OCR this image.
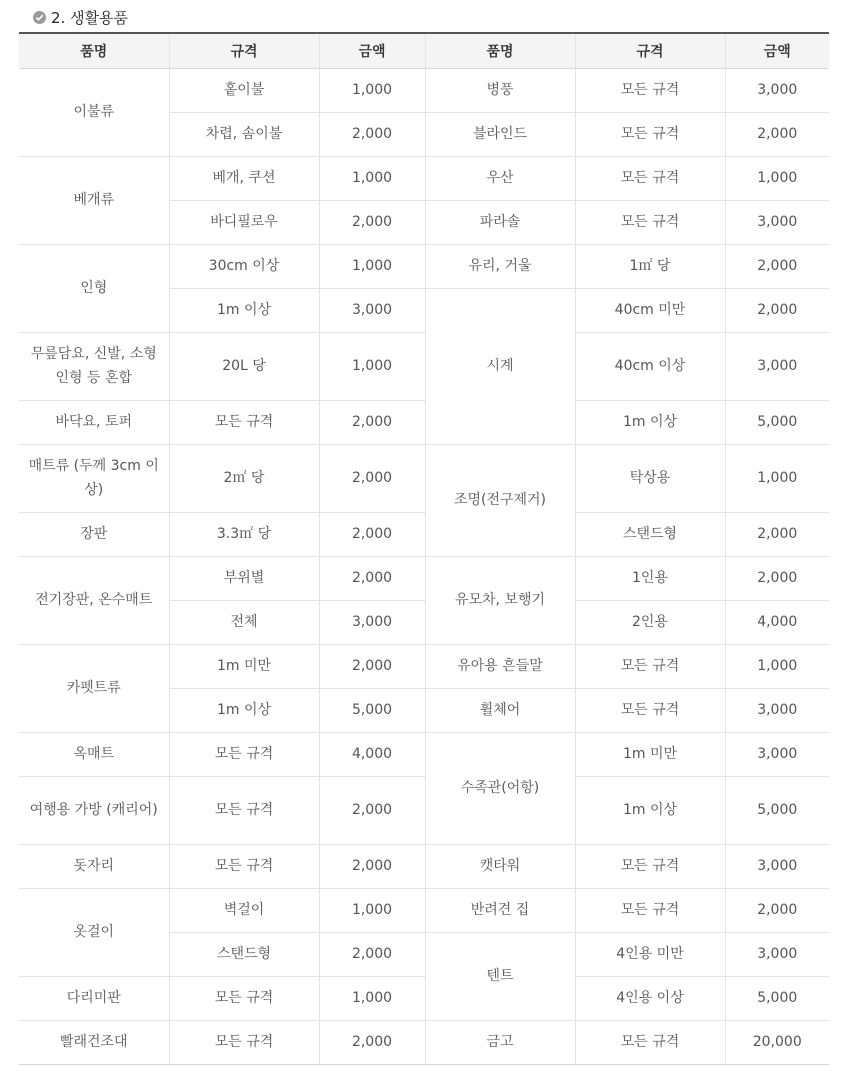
2. 생활용품
품명	규격	금액	품명	규격	금액
이불류	홑이불	1,000	병풍	모든 규격	3,000
	차렵, 솜이불	2,000	블라인드	모든 규격	2,000
베개류	베개, 쿠션	1,000	우산	모든 규격	1,000
	바디필로우	2,000	파라솔	모든 규격	3,000
인형	30cm 이상	1,000	유리, 거울	1㎡ 당	2,000
	1m 이상	3,000	시계	40cm 미만	2,000
무릎담요, 신발, 소형 인형 등 혼합	20L 당	1,000		40cm 이상	3,000
바닥요, 토퍼	모든 규격	2,000		1m 이상	5,000
매트류 (두께 3cm 이상)	2㎡ 당	2,000	조명(전구제거)	탁상용	1,000
장판	3.3㎡ 당	2,000		스탠드형	2,000
전기장판, 온수매트	부위별	2,000	유모차, 보행기	1인용	2,000
	전체	3,000		2인용	4,000
카펫트류	1m 미만	2,000	유아용 흔들말	모든 규격	1,000
	1m 이상	5,000	휠체어	모든 규격	3,000
옥매트	모든 규격	4,000	수족관(어항)	1m 미만	3,000
여행용 가방 (캐리어)	모든 규격	2,000		1m 이상	5,000
돗자리	모든 규격	2,000	캣타워	모든 규격	3,000
옷걸이	벽걸이	1,000	반려견 집	모든 규격	2,000
	스탠드형	2,000	텐트	4인용 미만	3,000
다리미판	모든 규격	1,000		4인용 이상	5,000
빨래건조대	모든 규격	2,000	금고	모든 규격	20,000
